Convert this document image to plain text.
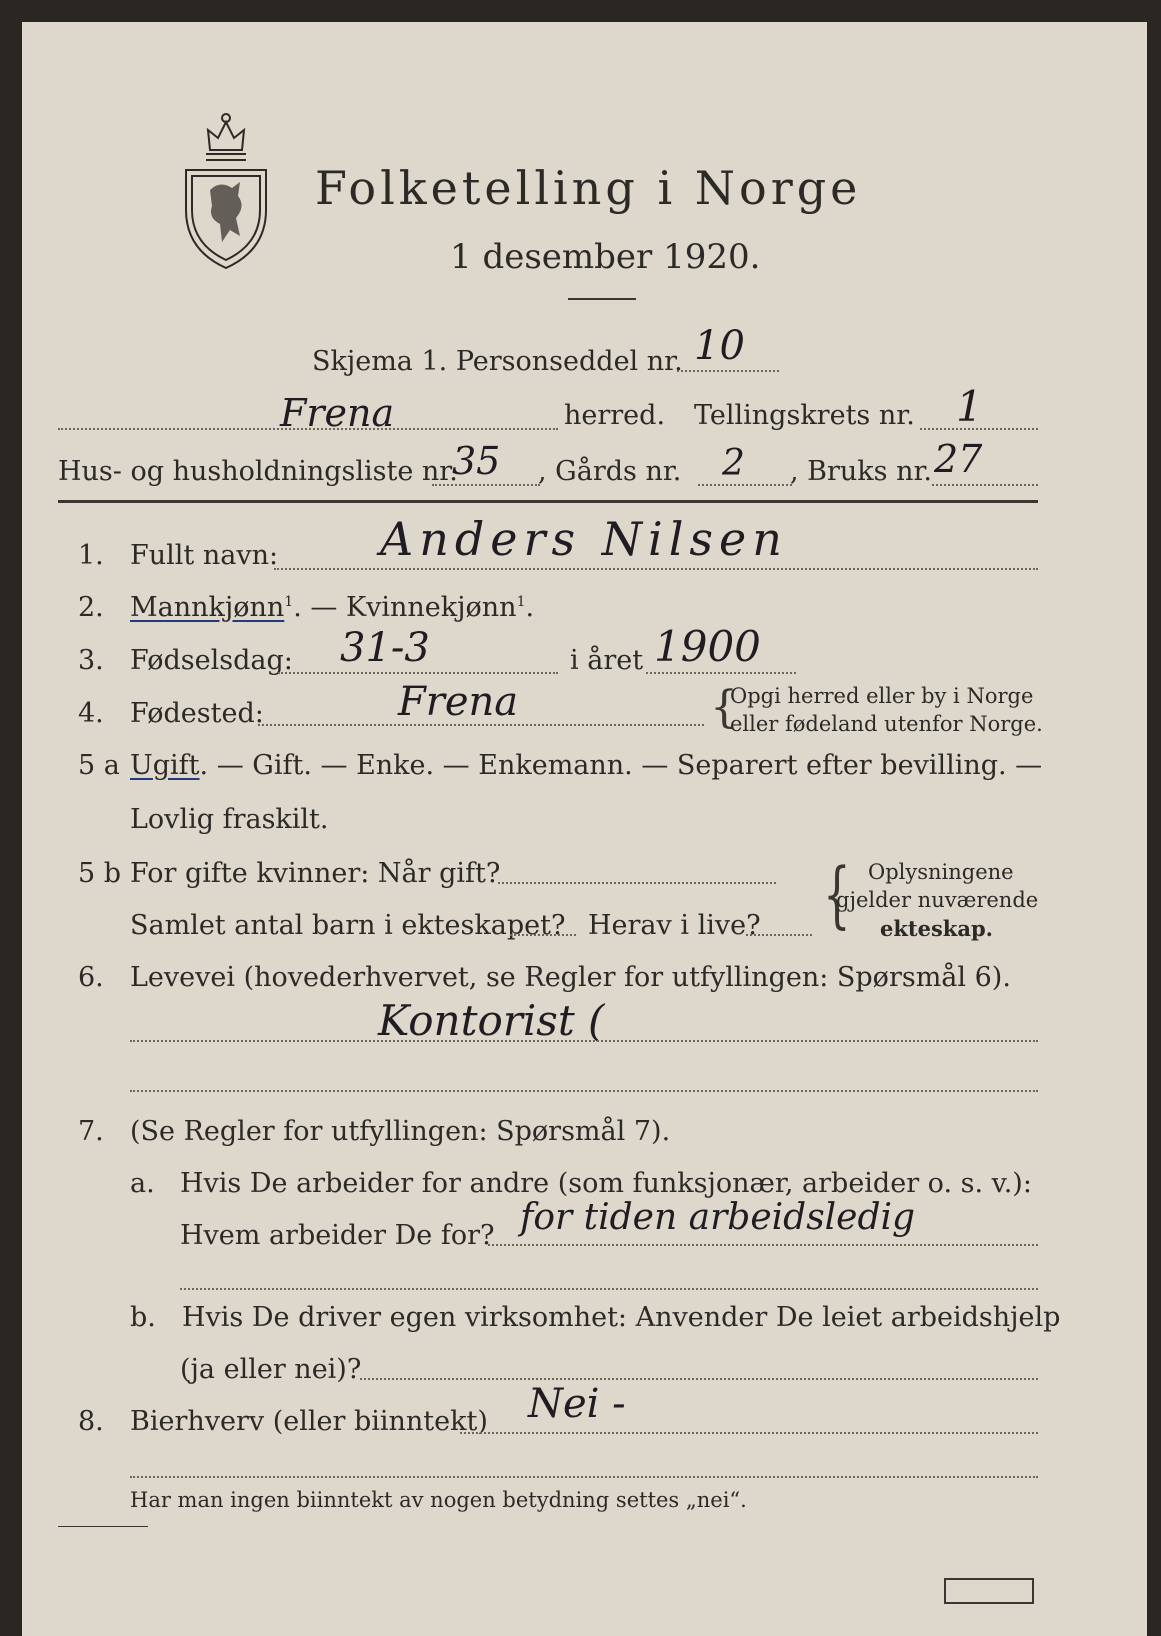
Folketelling i Norge
1 desember 1920.
Skjema 1. Personseddel nr. 10
Frena	herred. Tellingskrets nr. 1
Hus- og husholdningsliste nr.
35 , Gårds nr. 2 , Bruks nr. 27
1. Fullt navn: Anders Nilsen
2. Mannkjønn$^1$. — Kvinnekjønn$^1$.
3. Fødselsdag: 31-3	i året 1900
4. Fødested:	Frena	{
Opgi herred eller by i Norge
eller fødeland utenfor Norge.
5 a Ugift. — Gift. — Enke. — Enkemann. — Separert efter bevilling. —
Lovlig fraskilt.
5 b For gifte kvinner: Når gift?
Samlet antal barn i ekteskapet? Herav i live? { Oplysningene
gjelder nuværende
ekteskap.
6. Levevei (hovederhvervet, se Regler for utfyllingen: Spørsmål 6).
Kontorist (
7. (Se Regler for utfyllingen: Spørsmål 7).
a. Hvis De arbeider for andre (som funksjonær, arbeider o. s. v.):
Hvem arbeider De for? for tiden arbeidsledig
b. Hvis De driver egen virksomhet: Anvender De leiet arbeidshjelp
(ja eller nei)?
8. Bierhverv (eller biinntekt) Nei -
Har man ingen biinntekt av nogen betydning settes „nei“.
